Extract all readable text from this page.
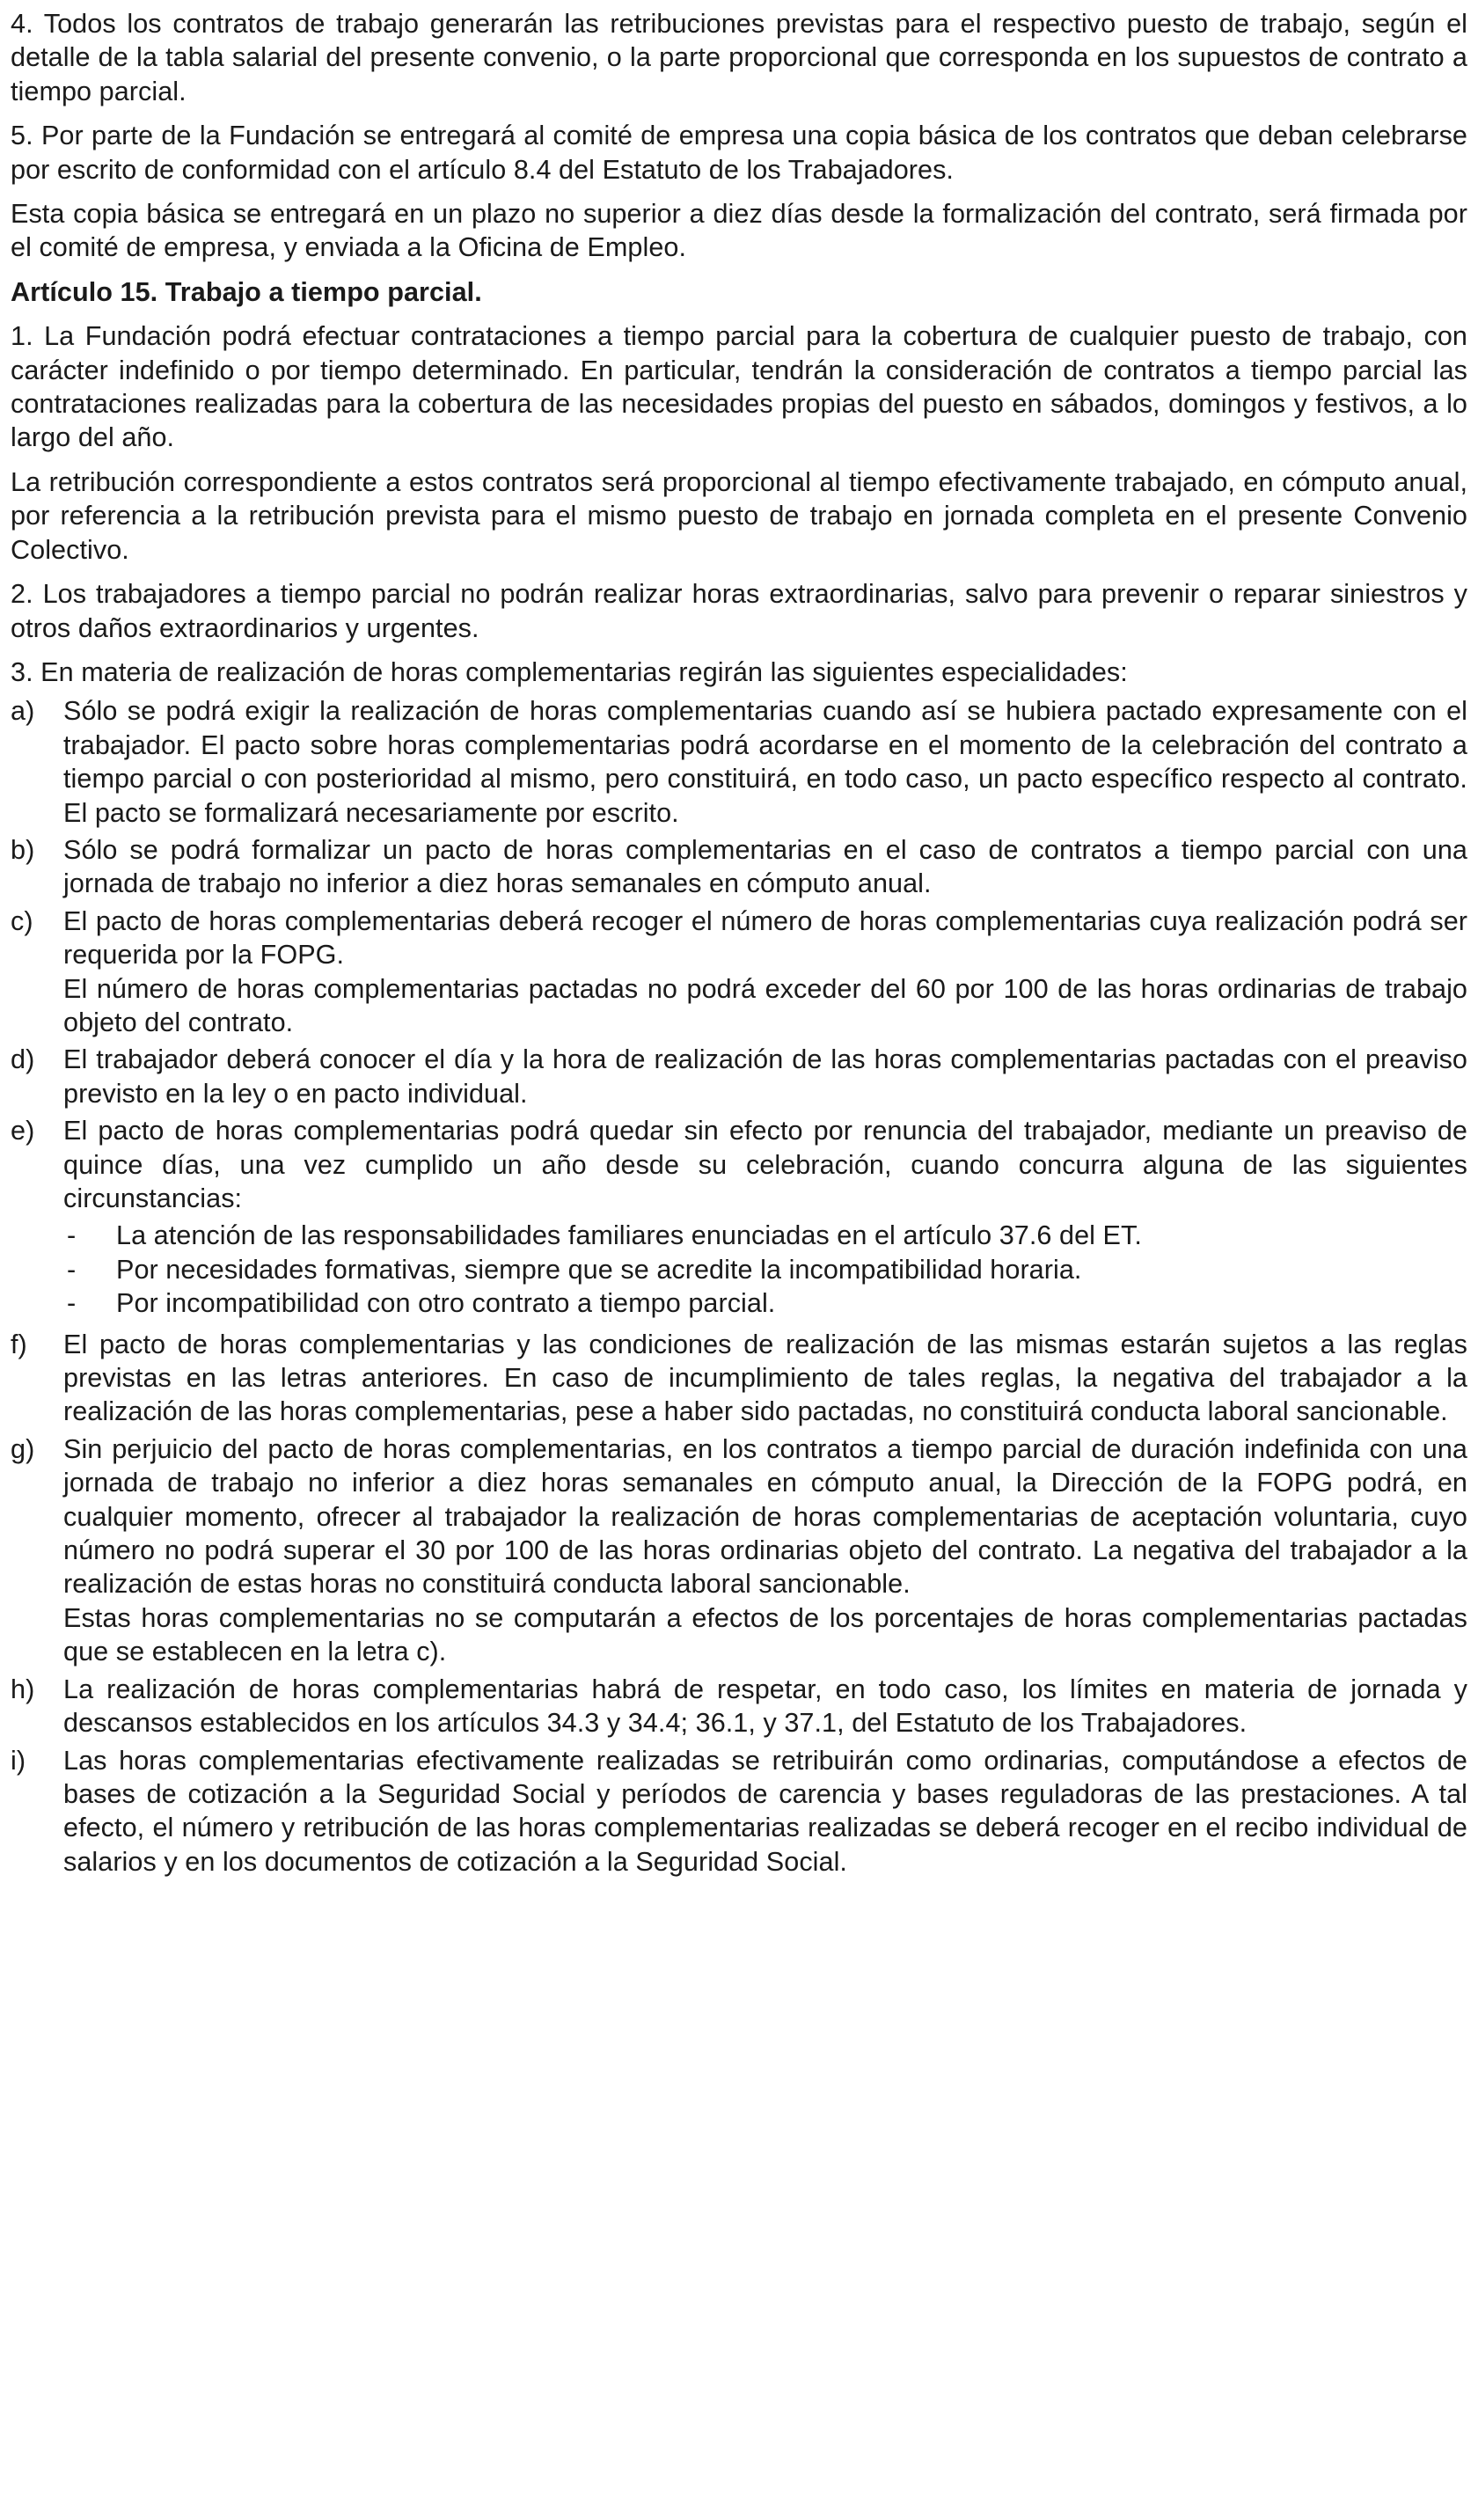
4. Todos los contratos de trabajo generarán las retribuciones previstas para el respectivo puesto de trabajo, según el detalle de la tabla salarial del presente convenio, o la parte proporcional que corresponda en los supuestos de contrato a tiempo parcial.

5. Por parte de la Fundación se entregará al comité de empresa una copia básica de los contratos que deban celebrarse por escrito de conformidad con el artículo 8.4 del Estatuto de los Trabajadores.

Esta copia básica se entregará en un plazo no superior a diez días desde la formalización del contrato, será firmada por el comité de empresa, y enviada a la Oficina de Empleo.

Artículo 15. Trabajo a tiempo parcial.

1. La Fundación podrá efectuar contrataciones a tiempo parcial para la cobertura de cualquier puesto de trabajo, con carácter indefinido o por tiempo determinado. En particular, tendrán la consideración de contratos a tiempo parcial las contrataciones realizadas para la cobertura de las necesidades propias del puesto en sábados, domingos y festivos, a lo largo del año.

La retribución correspondiente a estos contratos será proporcional al tiempo efectivamente trabajado, en cómputo anual, por referencia a la retribución prevista para el mismo puesto de trabajo en jornada completa en el presente Convenio Colectivo.

2. Los trabajadores a tiempo parcial no podrán realizar horas extraordinarias, salvo para prevenir o reparar siniestros y otros daños extraordinarios y urgentes.

3. En materia de realización de horas complementarias regirán las siguientes especialidades:

a)	Sólo se podrá exigir la realización de horas complementarias cuando así se hubiera pactado expresamente con el trabajador. El pacto sobre horas complementarias podrá acordarse en el momento de la celebración del contrato a tiempo parcial o con posterioridad al mismo, pero constituirá, en todo caso, un pacto específico respecto al contrato. El pacto se formalizará necesariamente por escrito.

b)	Sólo se podrá formalizar un pacto de horas complementarias en el caso de contratos a tiempo parcial con una jornada de trabajo no inferior a diez horas semanales en cómputo anual.

c)	El pacto de horas complementarias deberá recoger el número de horas complementarias cuya realización podrá ser requerida por la FOPG.

El número de horas complementarias pactadas no podrá exceder del 60 por 100 de las horas ordinarias de trabajo objeto del contrato.

d)	El trabajador deberá conocer el día y la hora de realización de las horas complementarias pactadas con el preaviso previsto en la ley o en pacto individual.

e)	El pacto de horas complementarias podrá quedar sin efecto por renuncia del trabajador, mediante un preaviso de quince días, una vez cumplido un año desde su celebración, cuando concurra alguna de las siguientes circunstancias:

-	La atención de las responsabilidades familiares enunciadas en el artículo 37.6 del ET.
-	Por necesidades formativas, siempre que se acredite la incompatibilidad horaria.
-	Por incompatibilidad con otro contrato a tiempo parcial.
f)	El pacto de horas complementarias y las condiciones de realización de las mismas estarán sujetos a las reglas previstas en las letras anteriores. En caso de incumplimiento de tales reglas, la negativa del trabajador a la realización de las horas complementarias, pese a haber sido pactadas, no constituirá conducta laboral sancionable.

g)	Sin perjuicio del pacto de horas complementarias, en los contratos a tiempo parcial de duración indefinida con una jornada de trabajo no inferior a diez horas semanales en cómputo anual, la Dirección de la FOPG podrá, en cualquier momento, ofrecer al trabajador la realización de horas complementarias de aceptación voluntaria, cuyo número no podrá superar el 30 por 100 de las horas ordinarias objeto del contrato. La negativa del trabajador a la realización de estas horas no constituirá conducta laboral sancionable.

Estas horas complementarias no se computarán a efectos de los porcentajes de horas complementarias pactadas que se establecen en la letra c).

h)	La realización de horas complementarias habrá de respetar, en todo caso, los límites en materia de jornada y descansos establecidos en los artículos 34.3 y 34.4; 36.1, y 37.1, del Estatuto de los Trabajadores.

i)	Las horas complementarias efectivamente realizadas se retribuirán como ordinarias, computándose a efectos de bases de cotización a la Seguridad Social y períodos de carencia y bases reguladoras de las prestaciones. A tal efecto, el número y retribución de las horas complementarias realizadas se deberá recoger en el recibo individual de salarios y en los documentos de cotización a la Seguridad Social.
